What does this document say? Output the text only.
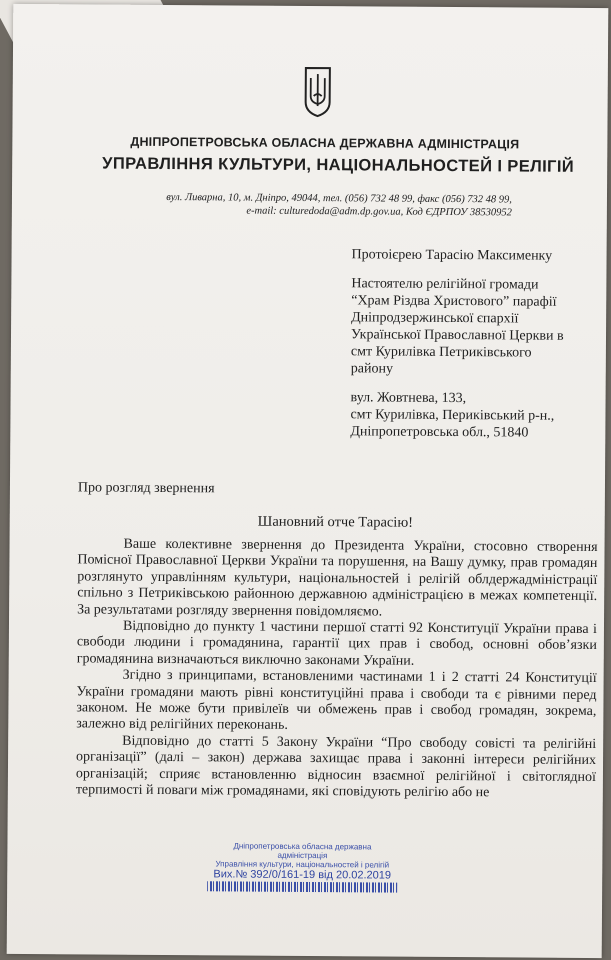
ДНІПРОПЕТРОВСЬКА ОБЛАСНА ДЕРЖАВНА АДМІНІСТРАЦІЯ
УПРАВЛІННЯ КУЛЬТУРИ, НАЦІОНАЛЬНОСТЕЙ І РЕЛІГІЙ
вул. Ливарна, 10, м. Дніпро, 49044, тел. (056) 732 48 99, факс (056) 732 48 99,
e-mail: culturedoda@adm.dp.gov.ua, Код ЄДРПОУ 38530952
Протоієрею Тарасію Максименку
Настоятелю релігійної громади
“Храм Різдва Христового” парафії
Дніпродзержинської єпархії
Української Православної Церкви в
смт Курилівка Петриківського
району
вул. Жовтнева, 133,
смт Курилівка, Периківський р-н.,
Дніпропетровська обл., 51840
Про розгляд звернення
Шановний отче Тарасію!

Ваше колективне звернення до Президента України, стосовно створення Помісної Православної Церкви України та порушення, на Вашу думку, прав громадян розглянуто управлінням культури, національностей і релігій облдержадміністрації спільно з Петриківською районною державною адміністрацією в межах компетенції. За результатами розгляду звернення повідомляємо.

Відповідно до пункту 1 частини першої статті 92 Конституції України права і свободи людини і громадянина, гарантії цих прав і свобод, основні обов’язки громадянина визначаються виключно законами України.

Згідно з принципами, встановленими частинами 1 і 2 статті 24 Конституції України громадяни мають рівні конституційні права і свободи та є рівними перед законом. Не може бути привілеїв чи обмежень прав і свобод громадян, зокрема, залежно від релігійних переконань.

Відповідно до статті 5 Закону України “Про свободу совісті та релігійні організації” (далі – закон) держава захищає права і законні інтереси релігійних організацій; сприяє встановленню відносин взаємної релігійної і світоглядної терпимості й поваги між громадянами, які сповідують релігію або не

Дніпропетровська обласна державна адміністрація
Управління культури, національностей і релігій
Вих.№ 392/0/161-19 від 20.02.2019
